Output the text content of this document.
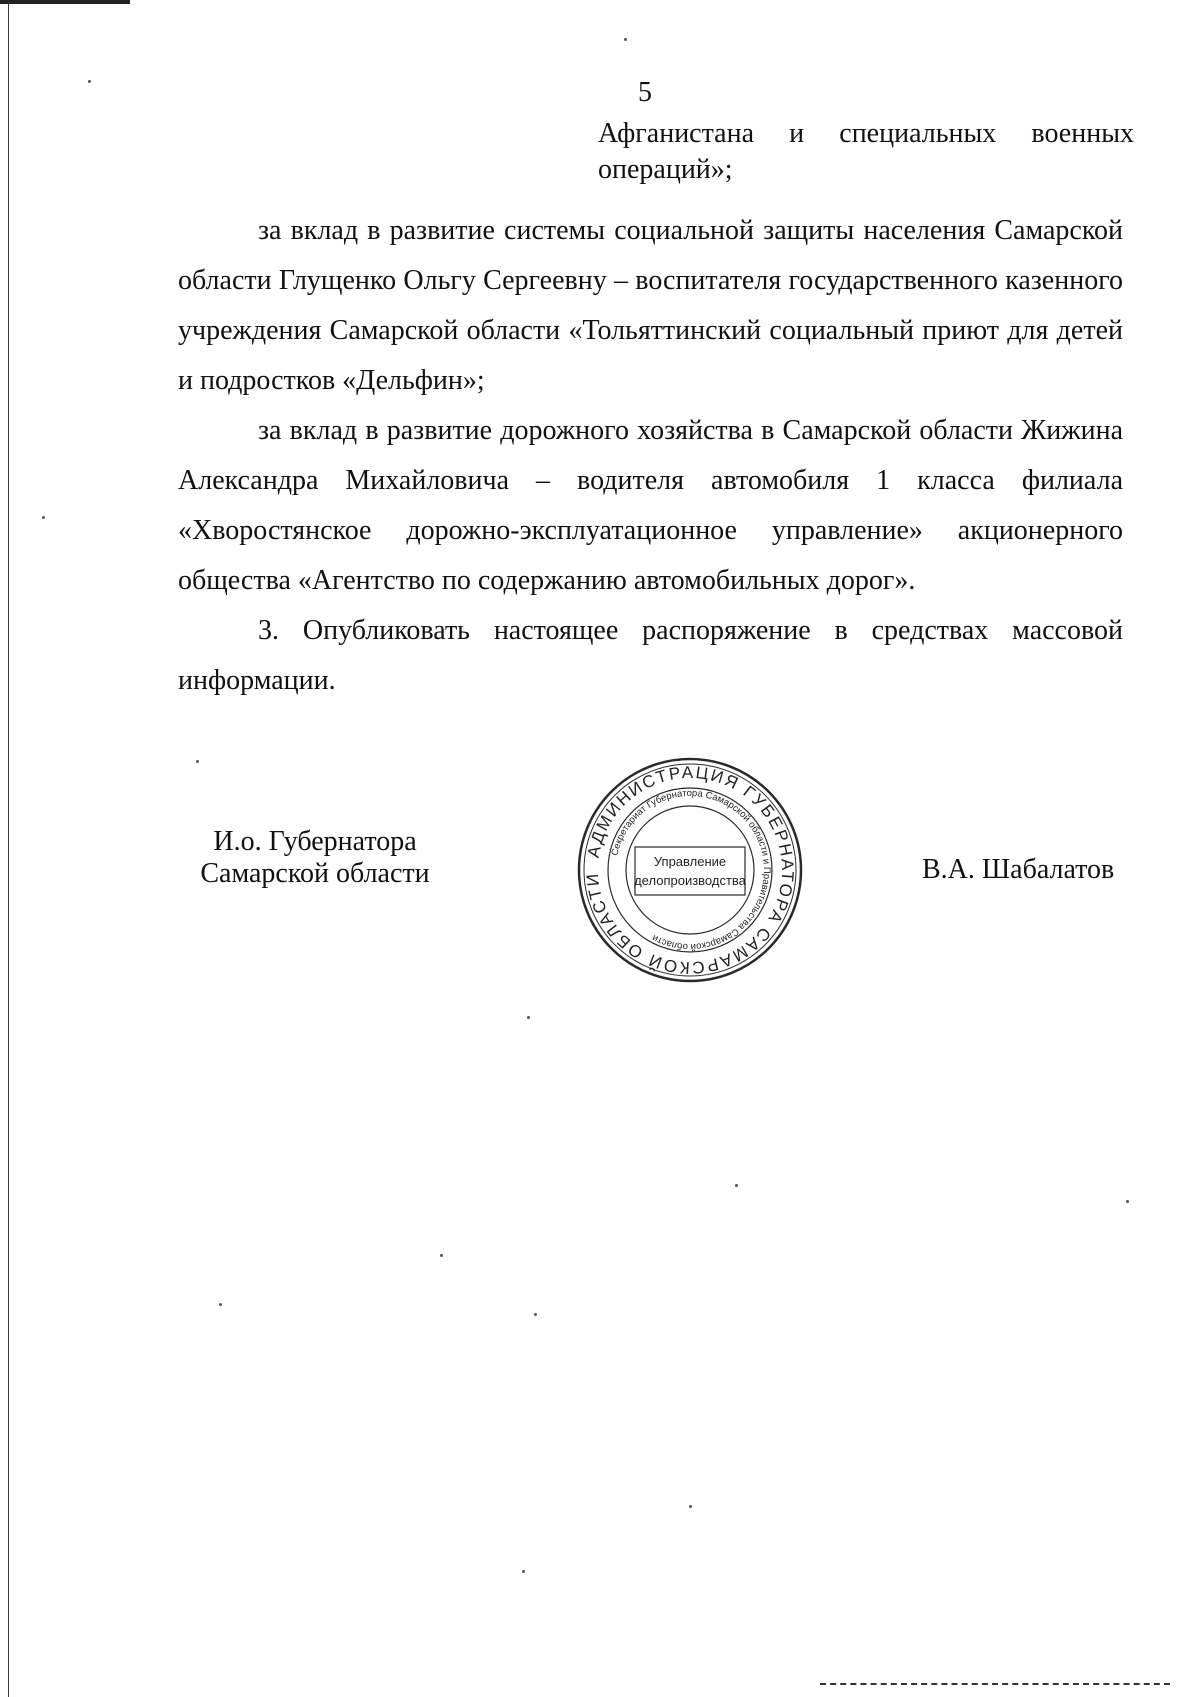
5
Афганистана и специальных военных операций»;

за вклад в развитие системы социальной защиты населения Самарской области Глущенко Ольгу Сергеевну – воспитателя государственного казенного учреждения Самарской области «Тольяттинский социальный приют для детей и подростков «Дельфин»;

за вклад в развитие дорожного хозяйства в Самарской области Жижина Александра Михайловича – водителя автомобиля 1 класса филиала «Хворостянское дорожно-эксплуатационное управление» акционерного общества «Агентство по содержанию автомобильных дорог».

3. Опубликовать настоящее распоряжение в средствах массовой информации.

И.о. Губернатора
Самарской области
АДМИНИСТРАЦИЯ ГУБЕРНАТОРА САМАРСКОЙ ОБЛАСТИ
Секретариат Губернатора Самарской области и Правительства Самарской области
Управление
делопроизводства	В.А. Шабалатов
